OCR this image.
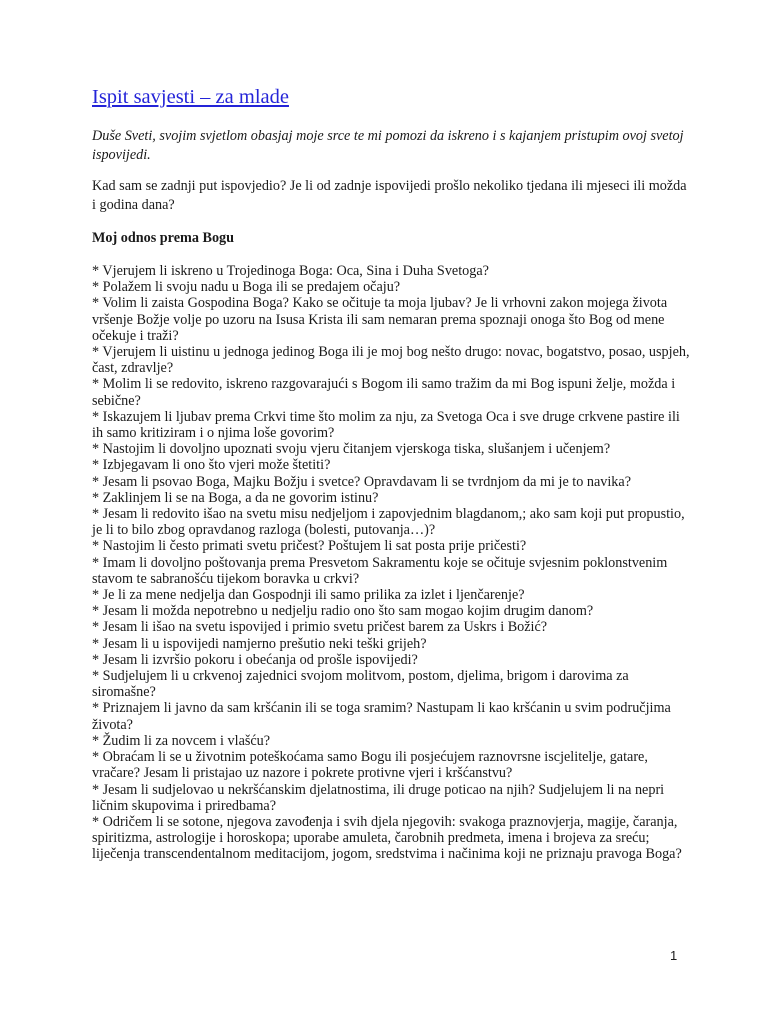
Ispit savjesti – za mlade

Duše Sveti, svojim svjetlom obasjaj moje srce te mi pomozi da iskreno i s kajanjem pristupim ovoj svetoj ispovijedi.

Kad sam se zadnji put ispovjedio? Je li od zadnje ispovijedi prošlo nekoliko tjedana ili mjeseci ili možda i godina dana?

Moj odnos prema Bogu

* Vjerujem li iskreno u Trojedinoga Boga: Oca, Sina i Duha Svetoga?
* Polažem li svoju nadu u Boga ili se predajem očaju?
* Volim li zaista Gospodina Boga? Kako se očituje ta moja ljubav? Je li vrhovni zakon mojega života vršenje Božje volje po uzoru na Isusa Krista ili sam nemaran prema spoznaji onoga što Bog od mene očekuje i traži?
* Vjerujem li uistinu u jednoga jedinog Boga ili je moj bog nešto drugo: novac, bogatstvo, posao, uspjeh, čast, zdravlje?
* Molim li se redovito, iskreno razgovarajući s Bogom ili samo tražim da mi Bog ispuni želje, možda i sebične?
* Iskazujem li ljubav prema Crkvi time što molim za nju, za Svetoga Oca i sve druge crkvene pastire ili ih samo kritiziram i o njima loše govorim?
* Nastojim li dovoljno upoznati svoju vjeru čitanjem vjerskoga tiska, slušanjem i učenjem?
* Izbjegavam li ono što vjeri može štetiti?
* Jesam li psovao Boga, Majku Božju i svetce? Opravdavam li se tvrdnjom da mi je to navika?
* Zaklinjem li se na Boga, a da ne govorim istinu?
* Jesam li redovito išao na svetu misu nedjeljom i zapovjednim blagdanom,; ako sam koji put propustio, je li to bilo zbog opravdanog razloga (bolesti, putovanja…)?
* Nastojim li često primati svetu pričest? Poštujem li sat posta prije pričesti?
* Imam li dovoljno poštovanja prema Presvetom Sakramentu koje se očituje svjesnim poklonstvenim stavom te sabranošću tijekom boravka u crkvi?
* Je li za mene nedjelja dan Gospodnji ili samo prilika za izlet i ljenčarenje?
* Jesam li možda nepotrebno u nedjelju radio ono što sam mogao kojim drugim danom?
* Jesam li išao na svetu ispovijed i primio svetu pričest barem za Uskrs i Božić?
* Jesam li u ispovijedi namjerno prešutio neki teški grijeh?
* Jesam li izvršio pokoru i obećanja od prošle ispovijedi?
* Sudjelujem li u crkvenoj zajednici svojom molitvom, postom, djelima, brigom i darovima za siromašne?
* Priznajem li javno da sam kršćanin ili se toga sramim? Nastupam li kao kršćanin u svim područjima života?
* Žudim li za novcem i vlašću?
* Obraćam li se u životnim poteškoćama samo Bogu ili posjećujem raznovrsne iscjelitelje, gatare, vračare? Jesam li pristajao uz nazore i pokrete protivne vjeri i kršćanstvu?
* Jesam li sudjelovao u nekršćanskim djelatnostima, ili druge poticao na njih? Sudjelujem li na nepri ličnim skupovima i priredbama?
* Odričem li se sotone, njegova zavođenja i svih djela njegovih: svakoga praznovjerja, magije, čaranja, spiritizma, astrologije i horoskopa; uporabe amuleta, čarobnih predmeta, imena i brojeva za sreću; liječenja transcendentalnom meditacijom, jogom, sredstvima i načinima koji ne priznaju pravoga Boga?
1
